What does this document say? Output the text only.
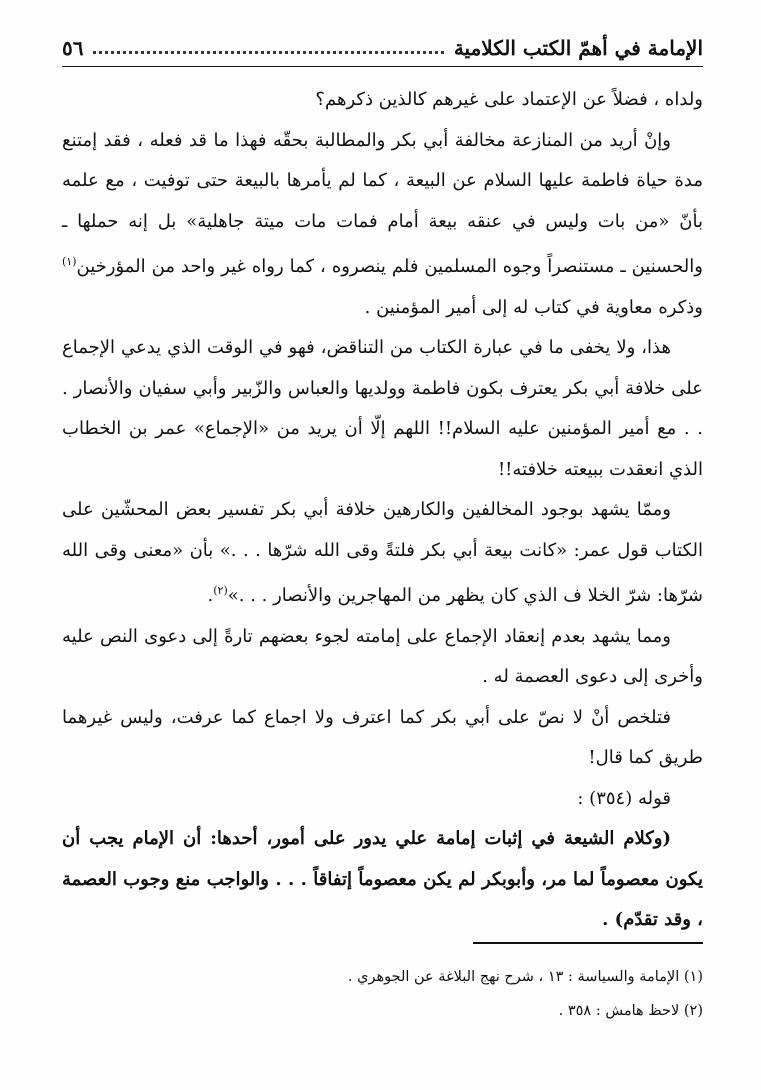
الإمامة في أهمّ الكتب الكلامية
٥٦

ولداه ، فضلاً عن الإعتماد على غيرهم كالذين ذكرهم؟

وإنْ أريد من المنازعة مخالفة أبي بكر والمطالبة بحقّه فهذا ما قد فعله ، فقد إمتنع مدة حياة فاطمة عليها السلام عن البيعة ، كما لم يأمرها بالبيعة حتى توفيت ، مع علمه بأنّ «من بات وليس في عنقه بيعة أمام فمات مات ميتة جاهلية» بل إنه حملها ـ والحسنين ـ مستنصراً وجوه المسلمين فلم ينصروه ، كما رواه غير واحد من المؤرخين$^{(١)}$ وذكره معاوية في كتاب له إلى أمير المؤمنين .

هذا، ولا يخفى ما في عبارة الكتاب من التناقض، فهو في الوقت الذي يدعي الإجماع على خلافة أبي بكر يعترف بكون فاطمة وولديها والعباس والزّبير وأبي سفيان والأنصار . . . مع أمير المؤمنين عليه السلام!! اللهم إلّا أن يريد من «الإجماع» عمر بن الخطاب الذي انعقدت ببيعته خلافته!!

وممّا يشهد بوجود المخالفين والكارهين خلافة أبي بكر تفسير بعض المحشّين على الكتاب قول عمر: «كانت بيعة أبي بكر فلتةً وقى الله شرّها . . .» بأن «معنى وقى الله شرّها: شرّ الخلا ف الذي كان يظهر من المهاجرين والأنصار . . .»$^{(٢)}$.

ومما يشهد بعدم إنعقاد الإجماع على إمامته لجوء بعضهم تارةً إلى دعوى النص عليه وأخرى إلى دعوى العصمة له .

فتلخص أنْ لا نصّ على أبي بكر كما اعترف ولا اجماع كما عرفت، وليس غيرهما طريق كما قال!

قوله (٣٥٤) :

(وكلام الشيعة في إثبات إمامة علي يدور على أمور، أحدها: أن الإمام يجب أن يكون معصوماً لما مر، وأبوبكر لم يكن معصوماً إتفاقاً . . . والواجب منع وجوب العصمة ، وقد تقدّم) .

(١) الإمامة والسياسة : ١٣ ، شرح نهج البلاغة عن الجوهري .

(٢) لاحظ هامش : ٣٥٨ .
